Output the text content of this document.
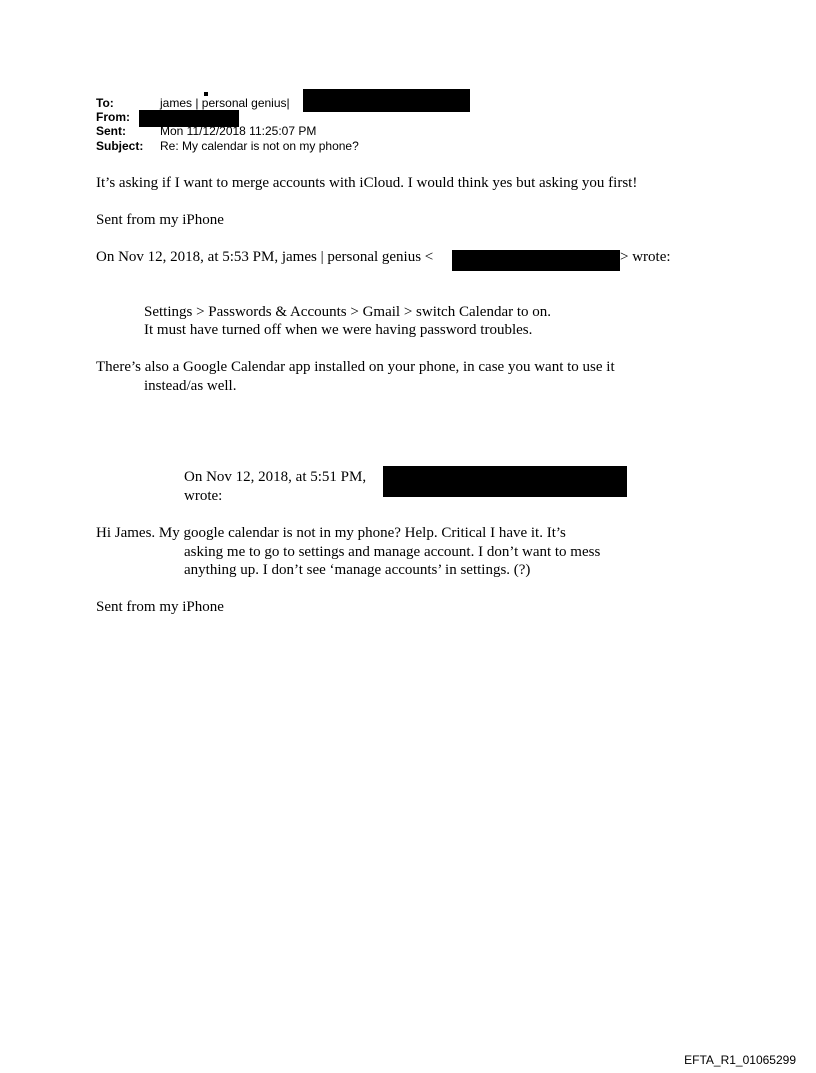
To:	james | personal genius|
From:
Sent:	Mon 11/12/2018 11:25:07 PM
Subject: Re: My calendar is not on my phone?
It’s asking if I want to merge accounts with iCloud. I would think yes but asking you first!
Sent from my iPhone
On Nov 12, 2018, at 5:53 PM, james | personal genius <	> wrote:
Settings > Passwords & Accounts > Gmail > switch Calendar to on.
It must have turned off when we were having password troubles.
There’s also a Google Calendar app installed on your phone, in case you want to use it
instead/as well.
On Nov 12, 2018, at 5:51 PM,
wrote:
Hi James. My google calendar is not in my phone? Help. Critical I have it. It’s
asking me to go to settings and manage account. I don’t want to mess
anything up. I don’t see ‘manage accounts’ in settings. (?)
Sent from my iPhone
EFTA_R1_01065299
